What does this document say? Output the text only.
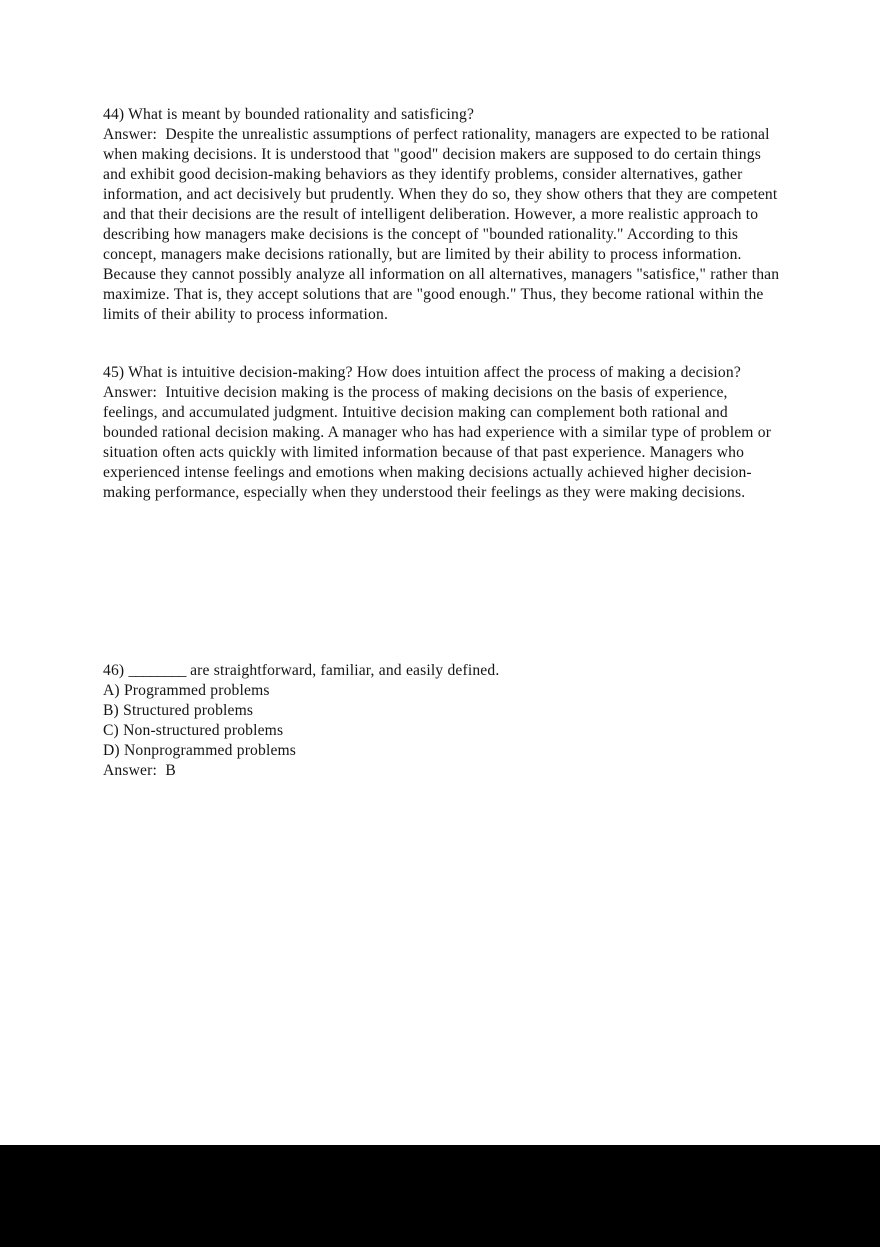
44) What is meant by bounded rationality and satisficing?

Answer:  Despite the unrealistic assumptions of perfect rationality, managers are expected to be rational when making decisions. It is understood that "good" decision makers are supposed to do certain things and exhibit good decision-making behaviors as they identify problems, consider alternatives, gather information, and act decisively but prudently. When they do so, they show others that they are competent and that their decisions are the result of intelligent deliberation. However, a more realistic approach to describing how managers make decisions is the concept of "bounded rationality." According to this concept, managers make decisions rationally, but are limited by their ability to process information.

Because they cannot possibly analyze all information on all alternatives, managers "satisfice," rather than maximize. That is, they accept solutions that are "good enough." Thus, they become rational within the limits of their ability to process information.

45) What is intuitive decision-making? How does intuition affect the process of making a decision?

Answer:  Intuitive decision making is the process of making decisions on the basis of experience, feelings, and accumulated judgment. Intuitive decision making can complement both rational and bounded rational decision making. A manager who has had experience with a similar type of problem or situation often acts quickly with limited information because of that past experience. Managers who experienced intense feelings and emotions when making decisions actually achieved higher decision-making performance, especially when they understood their feelings as they were making decisions.

46) ________ are straightforward, familiar, and easily defined.

A) Programmed problems

B) Structured problems

C) Non-structured problems

D) Nonprogrammed problems

Answer:  B
